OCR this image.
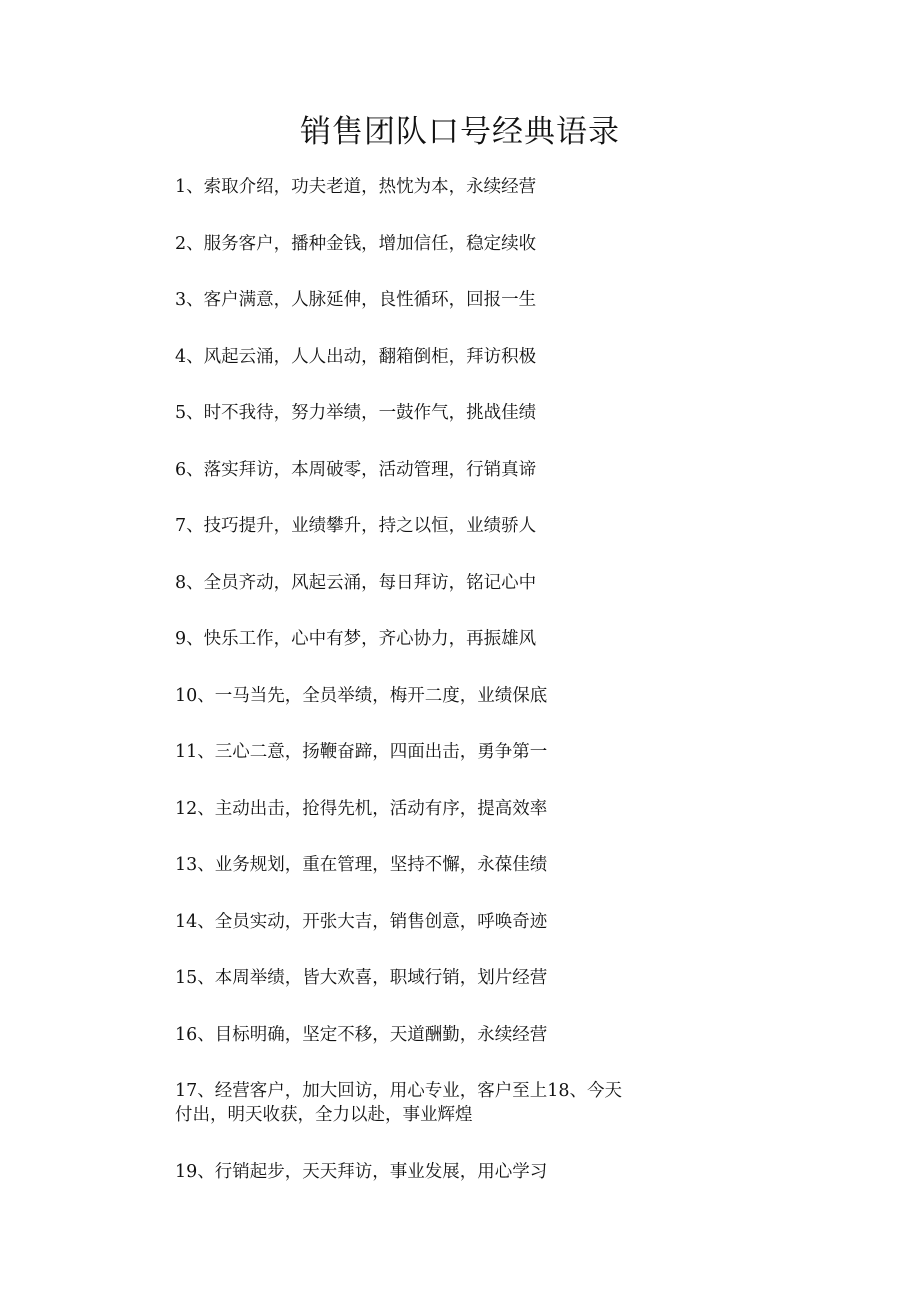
销售团队口号经典语录
1、索取介绍，功夫老道，热忱为本，永续经营
2、服务客户，播种金钱，增加信任，稳定续收
3、客户满意，人脉延伸，良性循环，回报一生
4、风起云涌，人人出动，翻箱倒柜，拜访积极
5、时不我待，努力举绩，一鼓作气，挑战佳绩
6、落实拜访，本周破零，活动管理，行销真谛
7、技巧提升，业绩攀升，持之以恒，业绩骄人
8、全员齐动，风起云涌，每日拜访，铭记心中
9、快乐工作，心中有梦，齐心协力，再振雄风
10、一马当先，全员举绩，梅开二度，业绩保底
11、三心二意，扬鞭奋蹄，四面出击，勇争第一
12、主动出击，抢得先机，活动有序，提高效率
13、业务规划，重在管理，坚持不懈，永葆佳绩
14、全员实动，开张大吉，销售创意，呼唤奇迹
15、本周举绩，皆大欢喜，职域行销，划片经营
16、目标明确，坚定不移，天道酬勤，永续经营
17、经营客户，加大回访，用心专业，客户至上18、今天付出，明天收获，全力以赴，事业辉煌
19、行销起步，天天拜访，事业发展，用心学习
